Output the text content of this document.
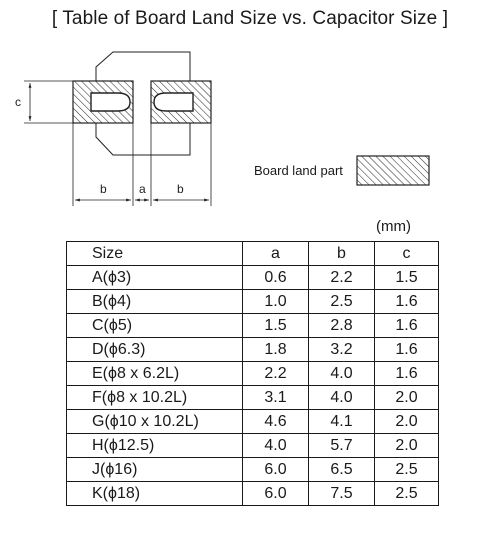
[ Table of Board Land Size vs. Capacitor Size ]
c
b	a	b
Board land part
(mm)
Size	a	b	c
A(ϕ3)	0.6	2.2	1.5
B(ϕ4)	1.0	2.5	1.6
C(ϕ5)	1.5	2.8	1.6
D(ϕ6.3)	1.8	3.2	1.6
E(ϕ8 x 6.2L)	2.2	4.0	1.6
F(ϕ8 x 10.2L)	3.1	4.0	2.0
G(ϕ10 x 10.2L)	4.6	4.1	2.0
H(ϕ12.5)	4.0	5.7	2.0
J(ϕ16)	6.0	6.5	2.5
K(ϕ18)	6.0	7.5	2.5
